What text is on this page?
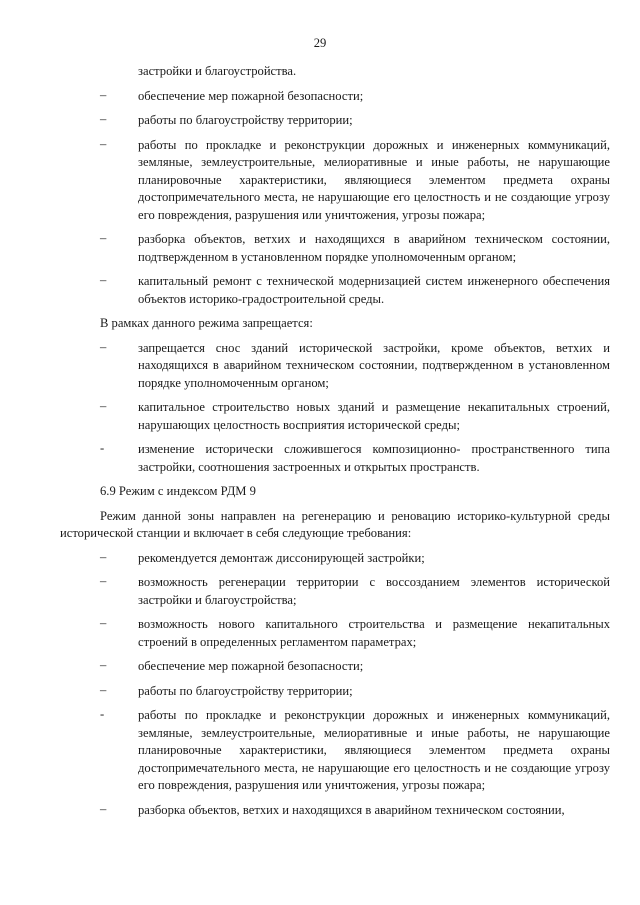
29
застройки и благоустройства.
–	обеспечение мер пожарной безопасности;
–	работы по благоустройству территории;
–	работы по прокладке и реконструкции дорожных и инженерных коммуникаций, земляные, землеустроительные, мелиоративные и иные работы, не нарушающие планировочные характеристики, являющиеся элементом предмета охраны достопримечательного места, не нарушающие его целостность и не создающие угрозу его повреждения, разрушения или уничтожения, угрозы пожара;
–	разборка объектов, ветхих и находящихся в аварийном техническом состоянии, подтвержденном в установленном порядке уполномоченным органом;
–	капитальный ремонт с технической модернизацией систем инженерного обеспечения объектов историко-градостроительной среды.
В рамках данного режима запрещается:
–	запрещается снос зданий исторической застройки, кроме объектов, ветхих и находящихся в аварийном техническом состоянии, подтвержденном в установленном порядке уполномоченным органом;
–	капитальное строительство новых зданий и размещение некапитальных строений, нарушающих целостность восприятия исторической среды;
-	изменение исторически сложившегося композиционно- пространственного типа застройки, соотношения застроенных и открытых пространств.
6.9 Режим с индексом РДМ 9
Режим данной зоны направлен на регенерацию и реновацию историко-культурной среды исторической станции и включает в себя следующие требования:
–	рекомендуется демонтаж диссонирующей застройки;
–	возможность регенерации территории с воссозданием элементов исторической застройки и благоустройства;
–	возможность нового капитального строительства и размещение некапитальных строений в определенных регламентом параметрах;
–	обеспечение мер пожарной безопасности;
–	работы по благоустройству территории;
-	работы по прокладке и реконструкции дорожных и инженерных коммуникаций, земляные, землеустроительные, мелиоративные и иные работы, не нарушающие планировочные характеристики, являющиеся элементом предмета охраны достопримечательного места, не нарушающие его целостность и не создающие угрозу его повреждения, разрушения или уничтожения, угрозы пожара;
–	разборка объектов, ветхих и находящихся в аварийном техническом состоянии,
